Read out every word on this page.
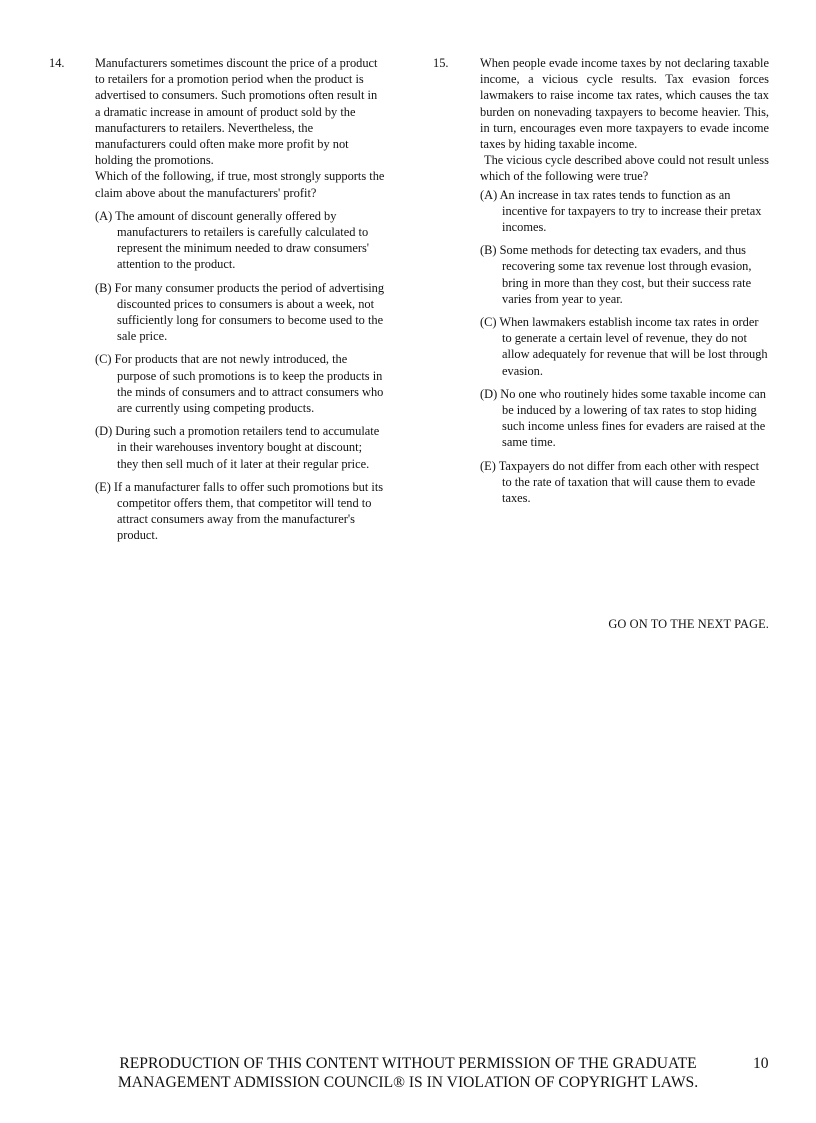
14. Manufacturers sometimes discount the price of a product to retailers for a promotion period when the product is advertised to consumers. Such promotions often result in a dramatic increase in amount of product sold by the manufacturers to retailers. Nevertheless, the manufacturers could often make more profit by not holding the promotions.

Which of the following, if true, most strongly supports the claim above about the manufacturers' profit?

(A) The amount of discount generally offered by manufacturers to retailers is carefully calculated to represent the minimum needed to draw consumers' attention to the product.
(B) For many consumer products the period of advertising discounted prices to consumers is about a week, not sufficiently long for consumers to become used to the sale price.
(C) For products that are not newly introduced, the purpose of such promotions is to keep the products in the minds of consumers and to attract consumers who are currently using competing products.
(D) During such a promotion retailers tend to accumulate in their warehouses inventory bought at discount; they then sell much of it later at their regular price.
(E) If a manufacturer falls to offer such promotions but its competitor offers them, that competitor will tend to attract consumers away from the manufacturer's product.
15.	When people evade income taxes by not declaring taxable income, a vicious cycle results. Tax evasion forces lawmakers to raise income tax rates, which causes the tax burden on nonevading taxpayers to become heavier. This, in turn, encourages even more taxpayers to evade income taxes by hiding taxable income.

The vicious cycle described above could not result unless which of the following were true?

(A) An increase in tax rates tends to function as an incentive for taxpayers to try to increase their pretax incomes.
(B) Some methods for detecting tax evaders, and thus recovering some tax revenue lost through evasion, bring in more than they cost, but their success rate varies from year to year.
(C) When lawmakers establish income tax rates in order to generate a certain level of revenue, they do not allow adequately for revenue that will be lost through evasion.
(D) No one who routinely hides some taxable income can be induced by a lowering of tax rates to stop hiding such income unless fines for evaders are raised at the same time.
(E) Taxpayers do not differ from each other with respect to the rate of taxation that will cause them to evade taxes.
GO ON TO THE NEXT PAGE.
REPRODUCTION OF THIS CONTENT WITHOUT PERMISSION OF THE GRADUATE MANAGEMENT ADMISSION COUNCIL® IS IN VIOLATION OF COPYRIGHT LAWS.
10
